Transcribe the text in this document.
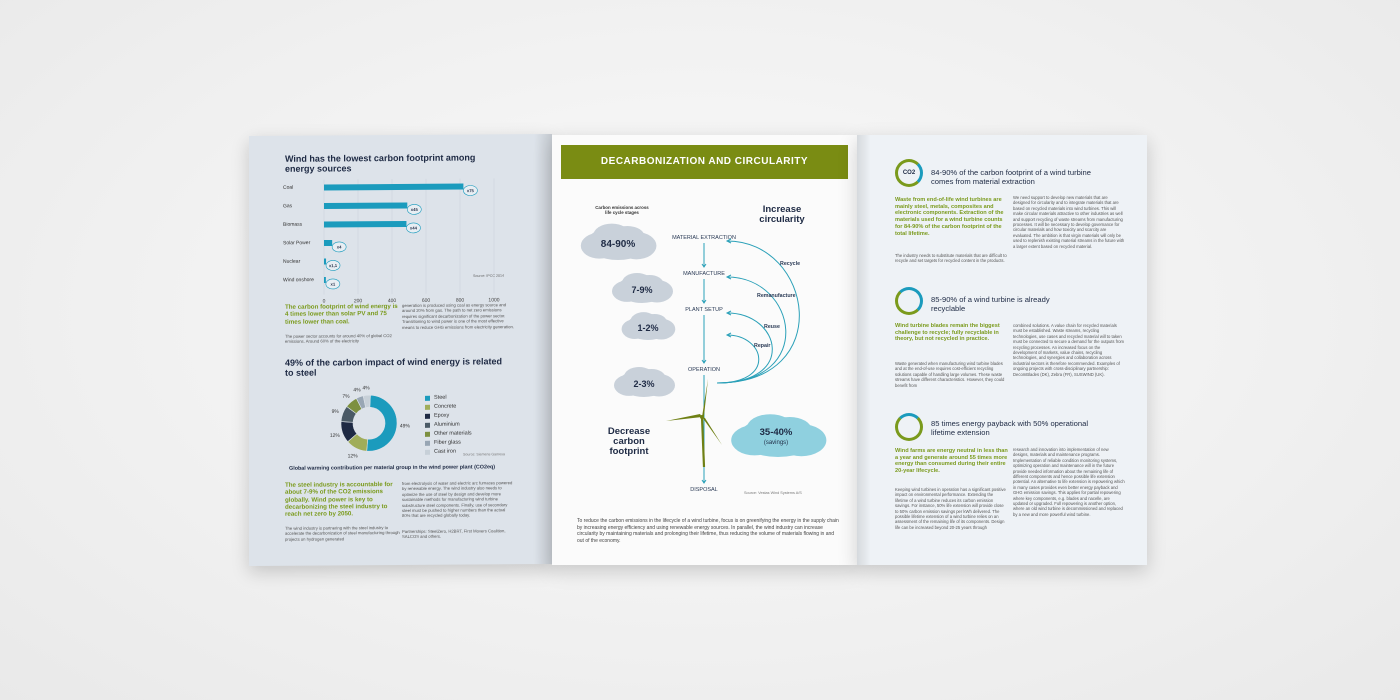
Wind has the lowest carbon footprint among energy sources
0	200	400	600	800	1000
Coal	x75
Gas
x45
Biomass
x44
Solar Power
x4
Nuclear
x1,1
Wind onshore
x1
Source: IPCC 2014
The carbon footprint of wind energy is 4 times lower than solar PV and 75 times lower than coal.
The power sector accounts for around 40% of global CO2 emissions. Around 60% of the electricity
generation is produced using coal as energy source and around 20% from gas. The path to net zero emissions requires significant decarbonization of the power sector. Transitioning to wind power is one of the most effective means to reduce GHG emissions from electricity generation.
49% of the carbon impact of wind energy is related to steel
49%
12%
12%
9%
7%
4% 4%
Steel
Concrete
Epoxy
Aluminium
Other materials
Fiber glass
Cast iron Source: Siemens Gamesa
Global warming contribution per material group in the wind power plant (CO2eq)
The steel industry is accountable for about 7-9% of the CO2 emissions globally. Wind power is key to decarbonizing the steel industry to reach net zero by 2050.
The wind industry is partnering with the steel industry to accelerate the decarbonization of steel manufacturing through projects on hydrogen generated
from electrolysis of water and electric arc furnaces powered by renewable energy. The wind industry also needs to optimize the use of steel by design and develop more sustainable methods for manufacturing wind turbine substructure steel components. Finally, use of secondary steel must be pushed to higher numbers than the actual 80% that are recycled globally today.
Partnerships: SteelZero, H2BRT, First Movers Coalition, SALCOS and others.
DECARBONIZATION AND CIRCULARITY
Carbon emissions across life cycle stages	Increase circularity
Decrease carbon footprint
84-90%
7-9%
1-2%
2-3%
35-40%
(savings)
MATERIAL EXTRACTION
MANUFACTURE
PLANT SETUP
OPERATION
DISPOSAL
Recycle
Remanufacture
Reuse
Repair
Source: Vestas Wind Systems A/S
To reduce the carbon emissions in the lifecycle of a wind turbine, focus is on greenifying the energy in the supply chain by increasing energy efficiency and using renewable energy sources. In parallel, the wind industry can increase circularity by maintaining materials and prolonging their lifetime, thus reducing the volume of materials flowing in and out of the economy.
CO2	84-90% of the carbon footprint of a wind turbine comes from material extraction
Waste from end-of-life wind turbines are mainly steel, metals, composites and electronic components. Extraction of the materials used for a wind turbine counts for 84-90% of the carbon footprint of the total lifetime.
The industry needs to substitute materials that are difficult to recycle and set targets for recycled content in the products.
We need support to develop new materials that are designed for circularity and to integrate materials that are based on recycled materials into wind turbines. This will make circular materials attractive to other industries as well and support recycling of waste streams from manufacturing processes. It will be necessary to develop governance for circular materials and how toxicity and scarcity are evaluated. The ambition is that virgin materials will only be used to replenish existing material streams in the future with a larger extent based on recycled material.
85-90% of a wind turbine is already recyclable
Wind turbine blades remain the biggest challenge to recycle; fully recyclable in theory, but not recycled in practice.
Waste generated when manufacturing wind turbine blades and at the end-of-use requires cost-efficient recycling solutions capable of handling large volumes. These waste streams have different characteristics. However, they could benefit from
combined solutions. A value chain for recycled materials must be established. Waste streams, recycling technologies, use cases and recycled material will to taken must be connected to secure a demand for the outputs from recycling processes. An increased focus on the development of markets, value chains, recycling technologies, and synergies and collaboration across industrial sectors is therefore recommended. Examples of ongoing projects with cross-disciplinary partnership: DecomBlades (DK), Zebra (FR), SUSWIND (UK).
85 times energy payback with 50% operational lifetime extension
Wind farms are energy neutral in less than a year and generate around 55 times more energy than consumed during their entire 20-year lifecycle.
Keeping wind turbines in operation has a significant positive impact on environmental performance. Extending the lifetime of a wind turbine reduces its carbon emission savings. For instance, 50% life extension will provide close to 50% carbon emission savings per kWh delivered. The possible lifetime extension of a wind turbine relies on an assessment of the remaining life of its components. Design life can be increased beyond 20-25 years through
research and innovation into implementation of new designs, materials and maintenance programs. Implementation of reliable condition monitoring systems, optimizing operation and maintenance will in the future provide needed information about the remaining life of different components and hence possible life extension potential. An alternative to life extension is repowering which in many cases provides even better energy payback and GHG emission savings. This applies for partial repowering where key components, e.g. blades and nacelle, are updated or upgraded. Full repowering is another option, where an old wind turbine is decommissioned and replaced by a new and more powerful wind turbine.
